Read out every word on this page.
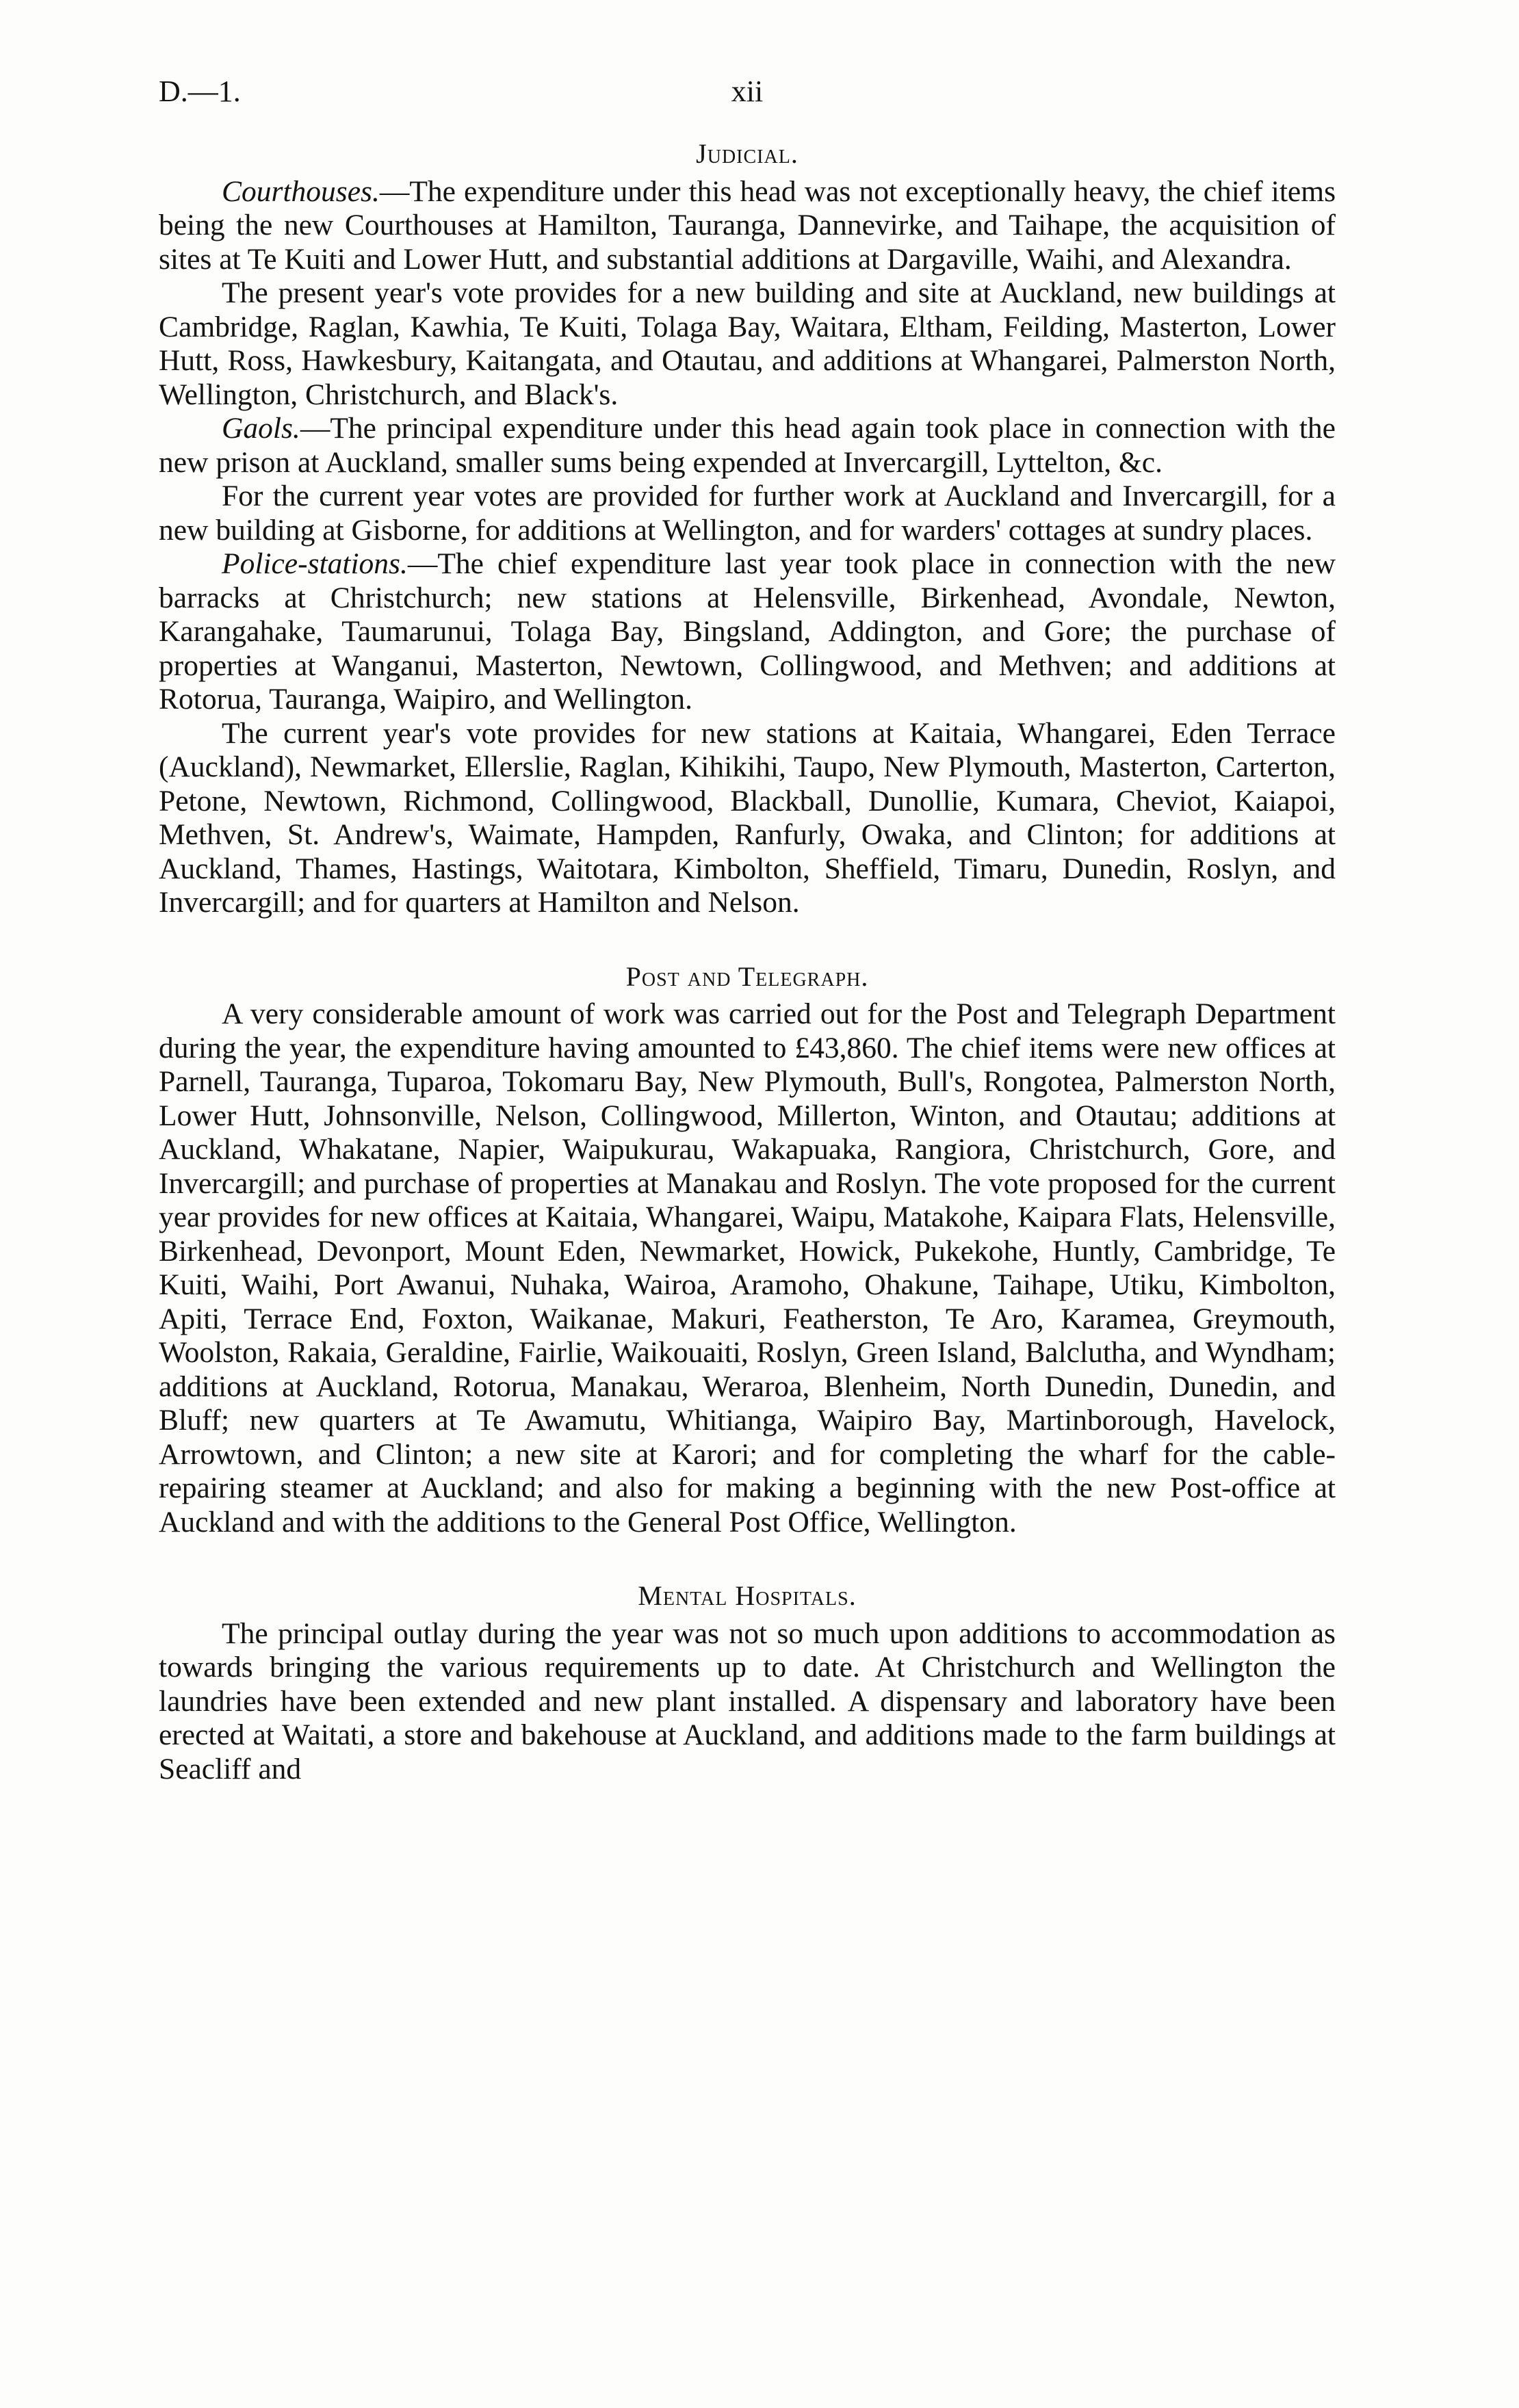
D.—1.	xii
Judicial.

Courthouses.—The expenditure under this head was not exceptionally heavy, the chief items being the new Courthouses at Hamilton, Tauranga, Dannevirke, and Taihape, the acquisition of sites at Te Kuiti and Lower Hutt, and substantial additions at Dargaville, Waihi, and Alexandra.

The present year's vote provides for a new building and site at Auckland, new buildings at Cambridge, Raglan, Kawhia, Te Kuiti, Tolaga Bay, Waitara, Eltham, Feilding, Masterton, Lower Hutt, Ross, Hawkesbury, Kaitangata, and Otautau, and additions at Whangarei, Palmerston North, Wellington, Christchurch, and Black's.

Gaols.—The principal expenditure under this head again took place in connection with the new prison at Auckland, smaller sums being expended at Invercargill, Lyttelton, &c.

For the current year votes are provided for further work at Auckland and Invercargill, for a new building at Gisborne, for additions at Wellington, and for warders' cottages at sundry places.

Police-stations.—The chief expenditure last year took place in connection with the new barracks at Christchurch; new stations at Helensville, Birkenhead, Avondale, Newton, Karangahake, Taumarunui, Tolaga Bay, Bingsland, Addington, and Gore; the purchase of properties at Wanganui, Masterton, Newtown, Collingwood, and Methven; and additions at Rotorua, Tauranga, Waipiro, and Wellington.

The current year's vote provides for new stations at Kaitaia, Whangarei, Eden Terrace (Auckland), Newmarket, Ellerslie, Raglan, Kihikihi, Taupo, New Plymouth, Masterton, Carterton, Petone, Newtown, Richmond, Collingwood, Blackball, Dunollie, Kumara, Cheviot, Kaiapoi, Methven, St. Andrew's, Waimate, Hampden, Ranfurly, Owaka, and Clinton; for additions at Auckland, Thames, Hastings, Waitotara, Kimbolton, Sheffield, Timaru, Dunedin, Roslyn, and Invercargill; and for quarters at Hamilton and Nelson.

Post and Telegraph.

A very considerable amount of work was carried out for the Post and Telegraph Department during the year, the expenditure having amounted to £43,860. The chief items were new offices at Parnell, Tauranga, Tuparoa, Tokomaru Bay, New Plymouth, Bull's, Rongotea, Palmerston North, Lower Hutt, Johnsonville, Nelson, Collingwood, Millerton, Winton, and Otautau; additions at Auckland, Whakatane, Napier, Waipukurau, Wakapuaka, Rangiora, Christchurch, Gore, and Invercargill; and purchase of properties at Manakau and Roslyn. The vote proposed for the current year provides for new offices at Kaitaia, Whangarei, Waipu, Matakohe, Kaipara Flats, Helensville, Birkenhead, Devonport, Mount Eden, Newmarket, Howick, Pukekohe, Huntly, Cambridge, Te Kuiti, Waihi, Port Awanui, Nuhaka, Wairoa, Aramoho, Ohakune, Taihape, Utiku, Kimbolton, Apiti, Terrace End, Foxton, Waikanae, Makuri, Featherston, Te Aro, Karamea, Greymouth, Woolston, Rakaia, Geraldine, Fairlie, Waikouaiti, Roslyn, Green Island, Balclutha, and Wyndham; additions at Auckland, Rotorua, Manakau, Weraroa, Blenheim, North Dunedin, Dunedin, and Bluff; new quarters at Te Awamutu, Whitianga, Waipiro Bay, Martinborough, Havelock, Arrowtown, and Clinton; a new site at Karori; and for completing the wharf for the cable-repairing steamer at Auckland; and also for making a beginning with the new Post-office at Auckland and with the additions to the General Post Office, Wellington.

Mental Hospitals.

The principal outlay during the year was not so much upon additions to accommodation as towards bringing the various requirements up to date. At Christchurch and Wellington the laundries have been extended and new plant installed. A dispensary and laboratory have been erected at Waitati, a store and bakehouse at Auckland, and additions made to the farm buildings at Seacliff and
